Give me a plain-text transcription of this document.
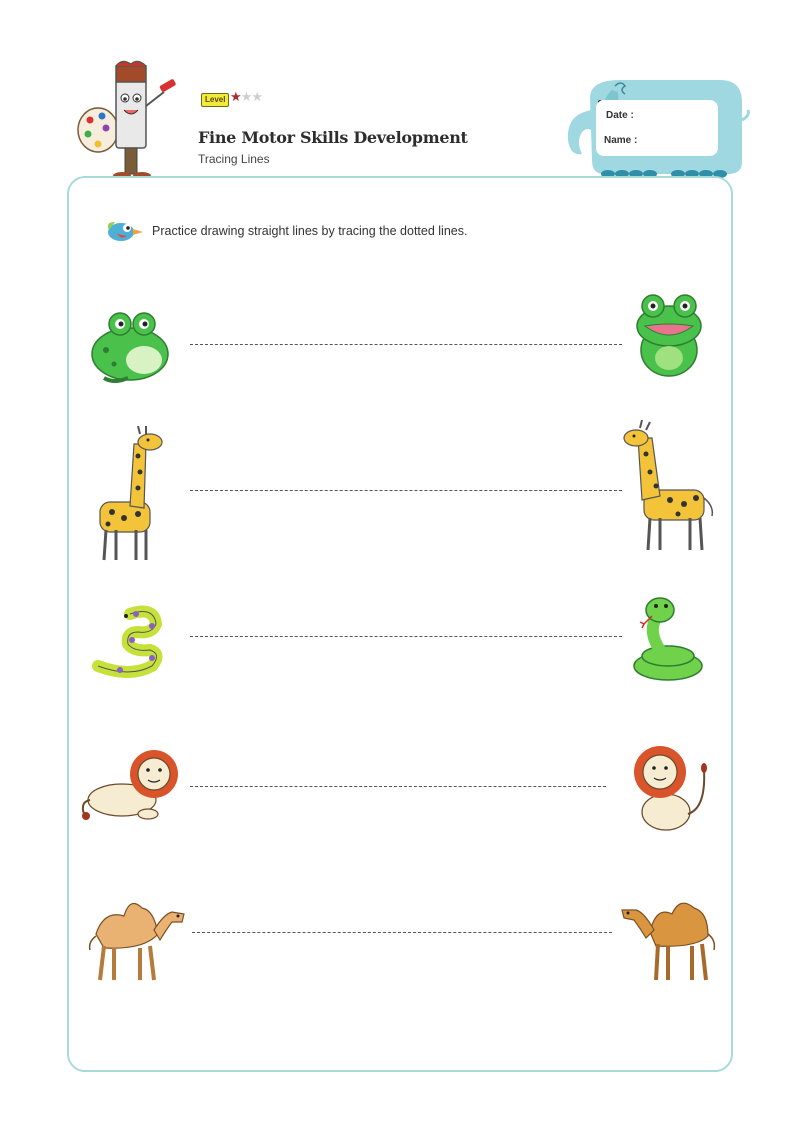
Level ★★★
Fine Motor Skills Development
Tracing Lines
Date :
Name :
Practice drawing straight lines by tracing the dotted lines.
